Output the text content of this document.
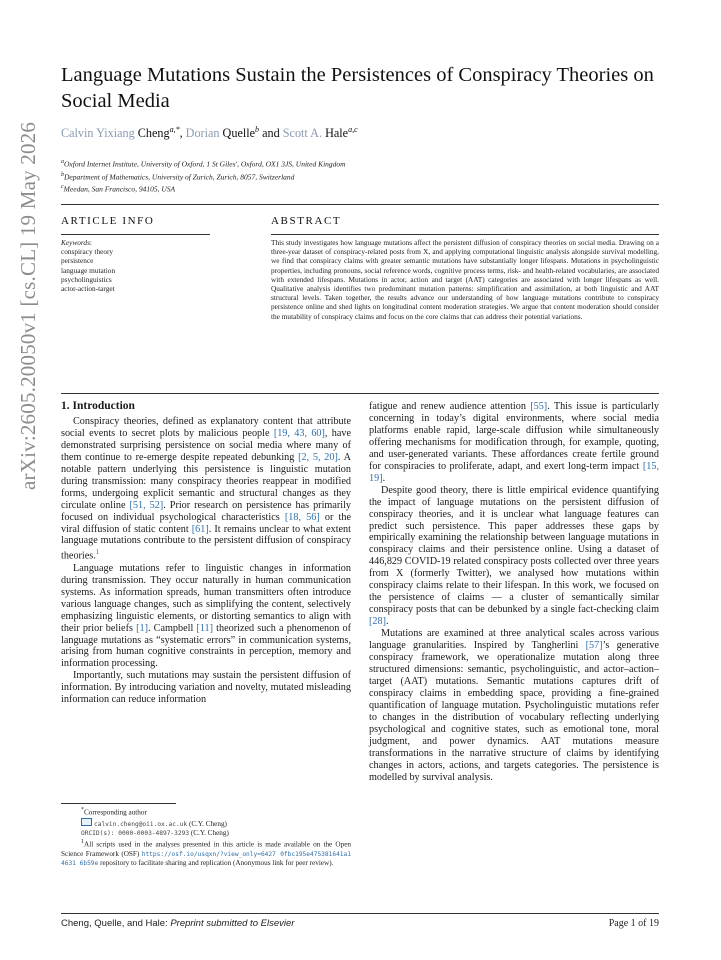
arXiv:2605.20050v1 [cs.CL] 19 May 2026
Language Mutations Sustain the Persistences of Conspiracy Theories on Social Media
Calvin Yixiang Cheng$^{a,*}$, Dorian Quelle$^b$ and Scott A. Hale$^{a,c}$
$^a$Oxford Internet Institute, University of Oxford, 1 St Giles', Oxford, OX1 3JS, United Kingdom
$^b$Department of Mathematics, University of Zurich, Zurich, 8057, Switzerland
$^c$Meedan, San Francisco, 94105, USA
ARTICLE INFO	ABSTRACT
Keywords:
conspiracy theory
persistence
language mutation
psycholinguistics
actor-action-target
This study investigates how language mutations affect the persistent diffusion of conspiracy theories on social media. Drawing on a three-year dataset of conspiracy-related posts from X, and applying computational linguistic analysis alongside survival modelling, we find that conspiracy claims with greater semantic mutations have substantially longer lifespans. Mutations in psycholinguistic properties, including pronouns, social reference words, cognitive process terms, risk- and health-related vocabularies, are associated with extended lifespans. Mutations in actor, action and target (AAT) categories are associated with longer lifespans as well. Qualitative analysis identifies two predominant mutation patterns: simplification and assimilation, at both linguistic and AAT structural levels. Taken together, the results advance our understanding of how language mutations contribute to conspiracy persistence online and shed lights on longitudinal content moderation strategies. We argue that content moderation should consider the mutability of conspiracy claims and focus on the core claims that can address their potential variations.
1. Introduction

Conspiracy theories, defined as explanatory content that attribute social events to secret plots by malicious people [19, 43, 60], have demonstrated surprising persistence on social media where many of them continue to re-emerge despite repeated debunking [2, 5, 20]. A notable pattern underlying this persistence is linguistic mutation during transmission: many conspiracy theories reappear in modified forms, undergoing explicit semantic and structural changes as they circulate online [51, 52]. Prior research on persistence has primarily focused on individual psychological characteristics [18, 56] or the viral diffusion of static content [61]. It remains unclear to what extent language mutations contribute to the persistent diffusion of conspiracy theories.$^1$

Language mutations refer to linguistic changes in information during transmission. They occur naturally in human communication systems. As information spreads, human transmitters often introduce various language changes, such as simplifying the content, selectively emphasizing linguistic elements, or distorting semantics to align with their prior beliefs [1]. Campbell [11] theorized such a phenomenon of language mutations as “systematic errors” in communication systems, arising from human cognitive constraints in perception, memory and information processing.

Importantly, such mutations may sustain the persistent diffusion of information. By introducing variation and novelty, mutated misleading information can reduce information

fatigue and renew audience attention [55]. This issue is particularly concerning in today’s digital environments, where social media platforms enable rapid, large-scale diffusion while simultaneously offering mechanisms for modification through, for example, quoting, and user-generated variants. These affordances create fertile ground for conspiracies to proliferate, adapt, and exert long-term impact [15, 19].

Despite good theory, there is little empirical evidence quantifying the impact of language mutations on the persistent diffusion of conspiracy theories, and it is unclear what language features can predict such persistence. This paper addresses these gaps by empirically examining the relationship between language mutations in conspiracy claims and their persistence online. Using a dataset of 446,829 COVID-19 related conspiracy posts collected over three years from X (formerly Twitter), we analysed how mutations within conspiracy claims relate to their lifespan. In this work, we focused on the persistence of claims — a cluster of semantically similar conspiracy posts that can be debunked by a single fact-checking claim [28].

Mutations are examined at three analytical scales across various language granularities. Inspired by Tangherlini [57]’s generative conspiracy framework, we operationalize mutation along three structured dimensions: semantic, psycholinguistic, and actor–action–target (AAT) mutations. Semantic mutations captures drift of conspiracy claims in embedding space, providing a fine-grained quantification of language mutation. Psycholinguistic mutations refer to changes in the distribution of vocabulary reflecting underlying psychological and cognitive states, such as emotional tone, moral judgment, and power dynamics. AAT mutations measure transformations in the narrative structure of claims by identifying changes in actors, actions, and targets categories. The persistence is modelled by survival analysis.

*Corresponding author
calvin.cheng@oii.ox.ac.uk (C.Y. Cheng)
ORCID(s): 0000-0003-4897-3293 (C.Y. Cheng)
$^1$All scripts used in the analyses presented in this article is made available on the Open Science Framework (OSF) https://osf.io/usqxn/?view_only=6427 0fbc195e475381641a14631 6b59e repository to facilitate sharing and replication (Anonymous link for peer review).
Cheng, Quelle, and Hale: Preprint submitted to Elsevier	Page 1 of 19
